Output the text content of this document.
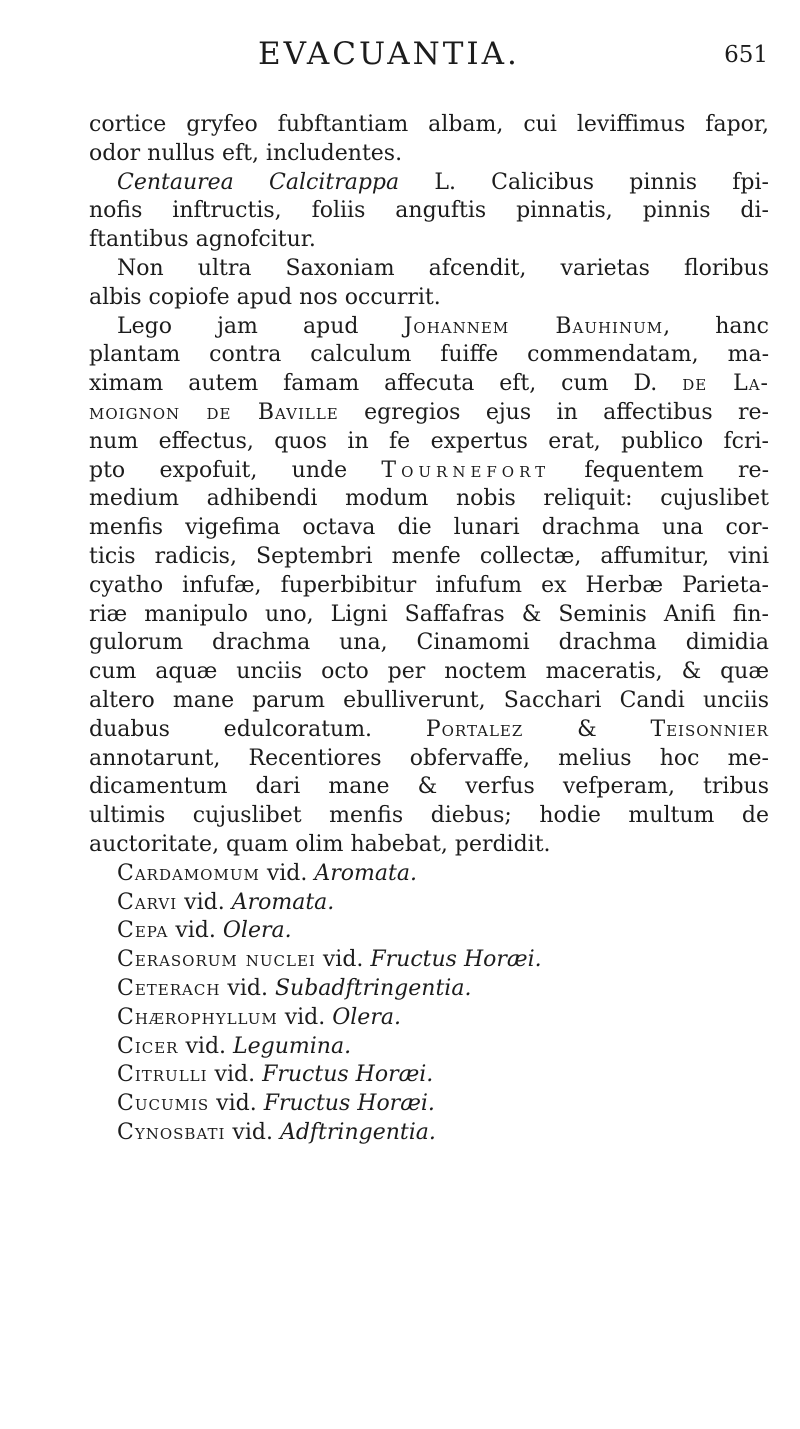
EVACUANTIA.	651
cortice gryfeo fubftantiam albam, cui leviffimus fapor,
odor nullus eft, includentes.
Centaurea Calcitrappa L. Calicibus pinnis fpi-
nofis inftructis, foliis anguftis pinnatis, pinnis di-
ftantibus agnofcitur.
Non ultra Saxoniam afcendit, varietas floribus
albis copiofe apud nos occurrit.
Lego jam apud Johannem Bauhinum, hanc
plantam contra calculum fuiffe commendatam, ma-
ximam autem famam affecuta eft, cum D. de La-
moignon de Baville egregios ejus in affectibus re-
num effectus, quos in fe expertus erat, publico fcri-
pto expofuit, unde Tournefort fequentem re-
medium adhibendi modum nobis reliquit: cujuslibet
menfis vigefima octava die lunari drachma una cor-
ticis radicis, Septembri menfe collectæ, affumitur, vini
cyatho infufæ, fuperbibitur infufum ex Herbæ Parieta-
riæ manipulo uno, Ligni Saffafras & Seminis Anifi fin-
gulorum drachma una, Cinamomi drachma dimidia
cum aquæ unciis octo per noctem maceratis, & quæ
altero mane parum ebulliverunt, Sacchari Candi unciis
duabus edulcoratum. Portalez & Teisonnier
annotarunt, Recentiores obfervaffe, melius hoc me-
dicamentum dari mane & verfus vefperam, tribus
ultimis cujuslibet menfis diebus; hodie multum de
auctoritate, quam olim habebat, perdidit.
Cardamomum vid. Aromata.
Carvi vid. Aromata.
Cepa vid. Olera.
Cerasorum nuclei vid. Fructus Horæi.
Ceterach vid. Subadftringentia.
Chærophyllum vid. Olera.
Cicer vid. Legumina.
Citrulli vid. Fructus Horæi.
Cucumis vid. Fructus Horæi.
Cynosbati vid. Adftringentia.
